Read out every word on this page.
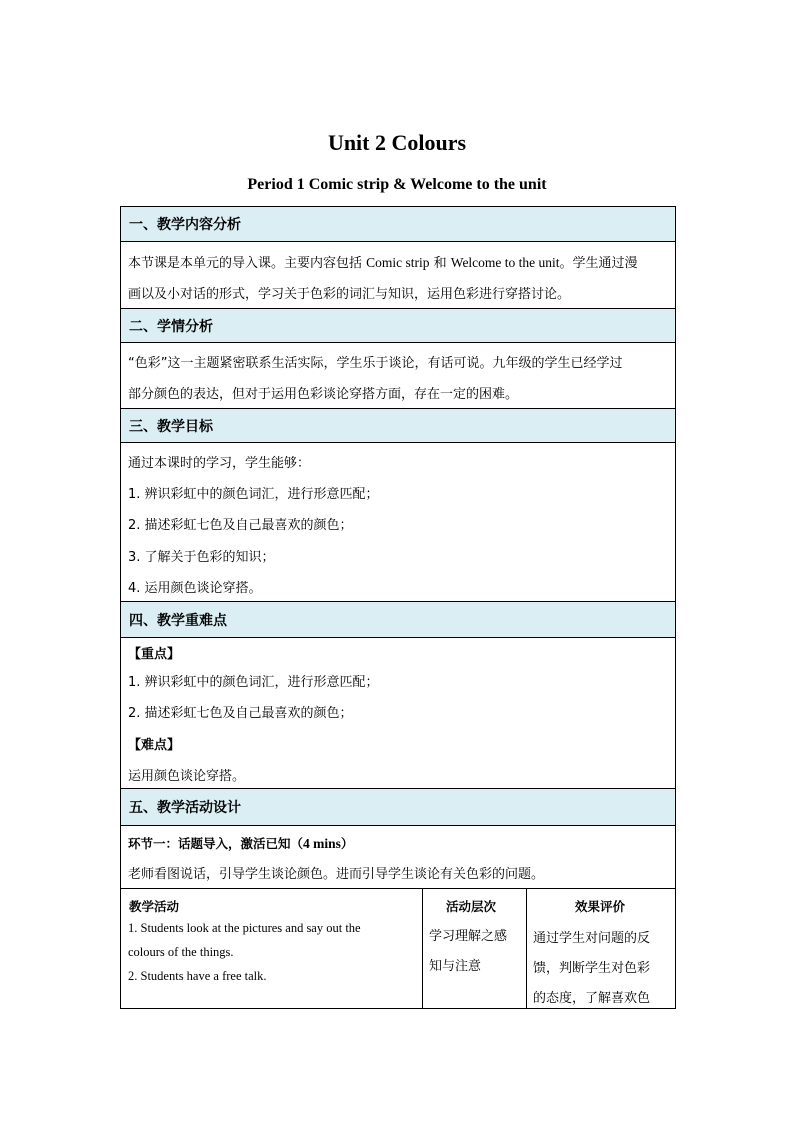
Unit 2 Colours
Period 1 Comic strip & Welcome to the unit
一、教学内容分析
本节课是本单元的导入课。主要内容包括 Comic strip 和 Welcome to the unit。学生通过漫
画以及小对话的形式，学习关于色彩的词汇与知识，运用色彩进行穿搭讨论。
二、学情分析
“色彩”这一主题紧密联系生活实际，学生乐于谈论，有话可说。九年级的学生已经学过
部分颜色的表达，但对于运用色彩谈论穿搭方面，存在一定的困难。
三、教学目标
通过本课时的学习，学生能够：
1. 辨识彩虹中的颜色词汇，进行形意匹配；
2. 描述彩虹七色及自己最喜欢的颜色；
3. 了解关于色彩的知识；
4. 运用颜色谈论穿搭。
四、教学重难点
【重点】
1. 辨识彩虹中的颜色词汇，进行形意匹配；
2. 描述彩虹七色及自己最喜欢的颜色；
【难点】
运用颜色谈论穿搭。
五、教学活动设计
环节一：话题导入，激活已知（4 mins）
老师看图说话，引导学生谈论颜色。进而引导学生谈论有关色彩的问题。
教学活动	活动层次	效果评价
1. Students look at the pictures and say out the
colours of the things.
2. Students have a free talk.
学习理解之感
知与注意
通过学生对问题的反
馈，判断学生对色彩
的态度，了解喜欢色
